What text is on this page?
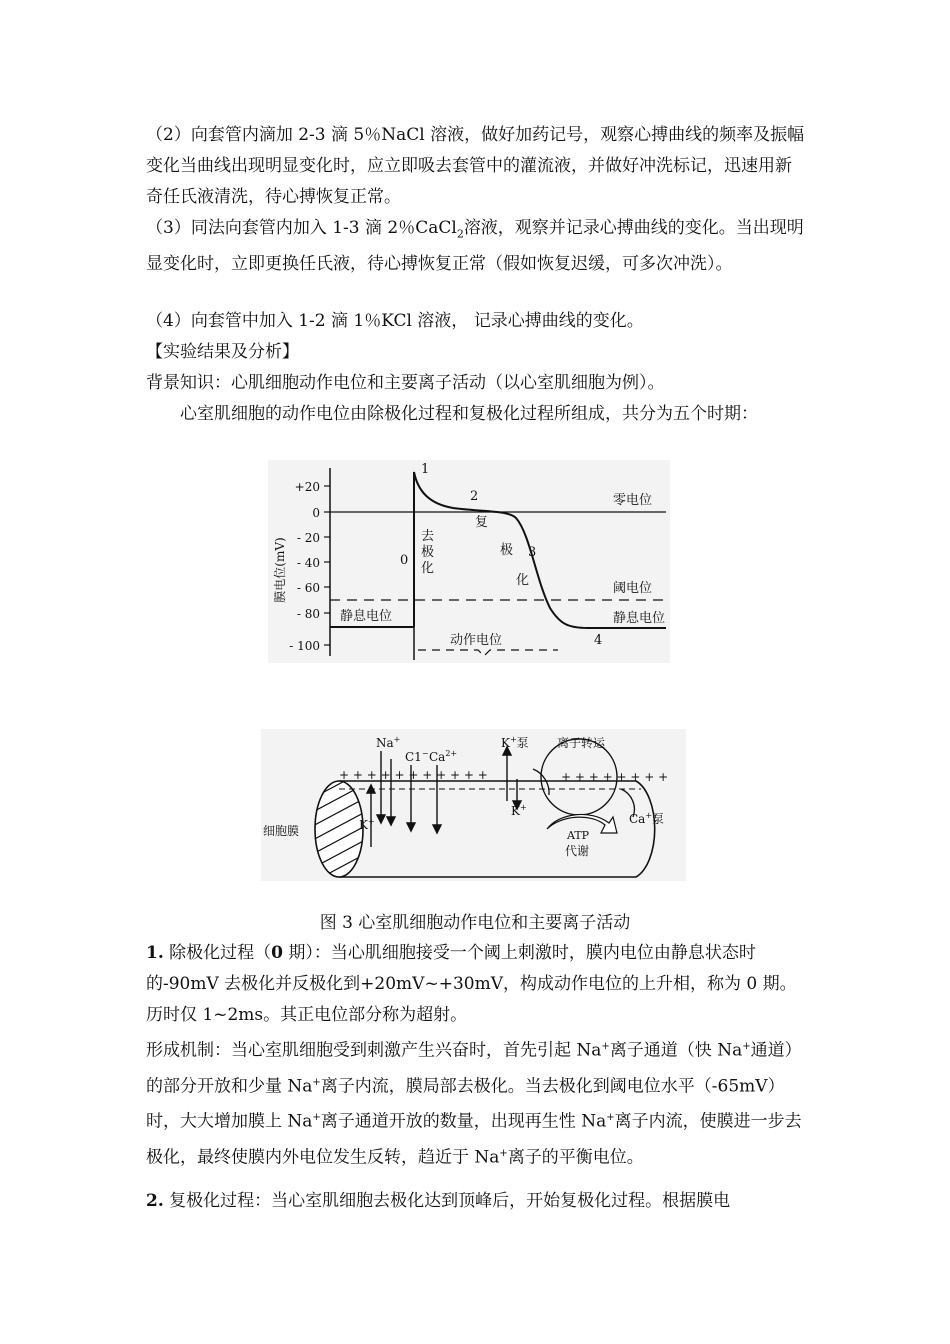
（2）向套管内滴加 2-3 滴 5％NaCl 溶液，做好加药记号，观察心搏曲线的频率及振幅变化当曲线出现明显变化时，应立即吸去套管中的灌流液，并做好冲洗标记，迅速用新奇任氏液清洗，待心搏恢复正常。

（3）同法向套管内加入 1-3 滴 2％CaCl$_2$溶液，观察并记录心搏曲线的变化。当出现明显变化时，立即更换任氏液，待心搏恢复正常（假如恢复迟缓，可多次冲洗）。

（4）向套管中加入 1-2 滴 1％KCl 溶液， 记录心搏曲线的变化。

【实验结果及分析】

背景知识：心肌细胞动作电位和主要离子活动（以心室肌细胞为例）。

心室肌细胞的动作电位由除极化过程和复极化过程所组成，共分为五个时期：

+20
0
- 20
- 40
- 60
- 80
- 100
膜电位(mV)
1
2
3
0
4
去
极
化
复
极
化
零电位
阈电位
静息电位
静息电位
动作电位
+ + + + + + + + + + +	+ + + + + + + +
Na+
C1− $Ca^{2+}$
K+泵 离子转运
K+
K+
Ca+泵
细胞膜	ATP
代谢
图 3 心室肌细胞动作电位和主要离子活动

1. 除极化过程（0 期）：当心肌细胞接受一个阈上刺激时，膜内电位由静息状态时的-90mV 去极化并反极化到+20mV~+30mV，构成动作电位的上升相，称为 0 期。历时仅 1~2ms。其正电位部分称为超射。

形成机制：当心室肌细胞受到刺激产生兴奋时，首先引起 Na+离子通道（快 Na+通道）的部分开放和少量 Na+离子内流，膜局部去极化。当去极化到阈电位水平（-65mV）时，大大增加膜上 Na+离子通道开放的数量，出现再生性 Na+离子内流，使膜进一步去极化，最终使膜内外电位发生反转，趋近于 Na+离子的平衡电位。

2. 复极化过程：当心室肌细胞去极化达到顶峰后，开始复极化过程。根据膜电
